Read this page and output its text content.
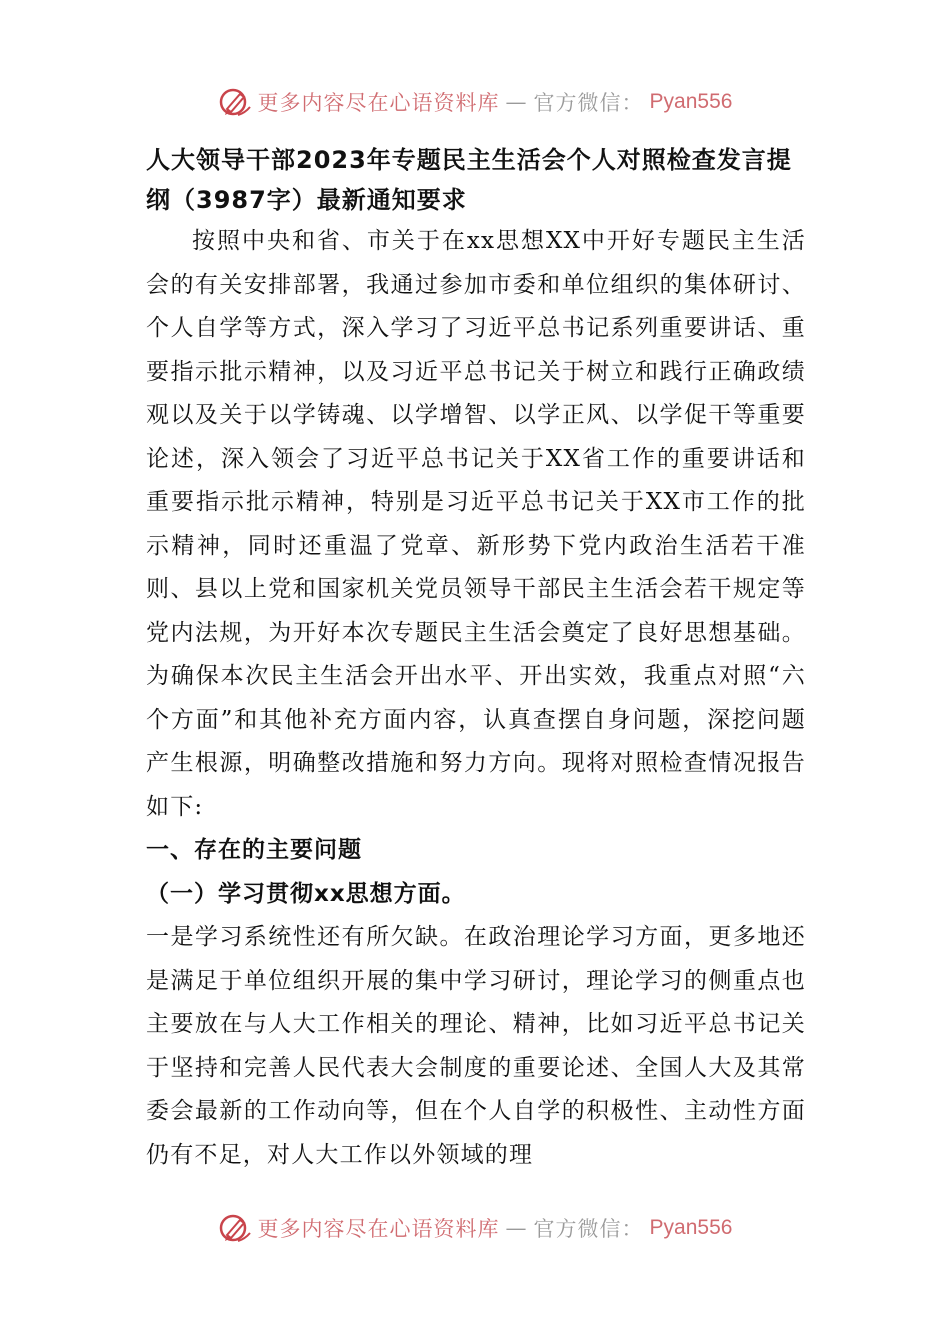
更多内容尽在心语资料库 — 官方微信： Pyan556

人大领导干部2023年专题民主生活会个人对照检查发言提纲（3987字）最新通知要求

按照中央和省、市关于在xx思想XX中开好专题民主生活会的有关安排部署，我通过参加市委和单位组织的集体研讨、个人自学等方式，深入学习了习近平总书记系列重要讲话、重要指示批示精神，以及习近平总书记关于树立和践行正确政绩观以及关于以学铸魂、以学增智、以学正风、以学促干等重要论述，深入领会了习近平总书记关于XX省工作的重要讲话和重要指示批示精神，特别是习近平总书记关于XX市工作的批示精神，同时还重温了党章、新形势下党内政治生活若干准则、县以上党和国家机关党员领导干部民主生活会若干规定等党内法规，为开好本次专题民主生活会奠定了良好思想基础。为确保本次民主生活会开出水平、开出实效，我重点对照“六个方面”和其他补充方面内容，认真查摆自身问题，深挖问题产生根源，明确整改措施和努力方向。现将对照检查情况报告如下:

一、存在的主要问题

（一）学习贯彻xx思想方面。

一是学习系统性还有所欠缺。在政治理论学习方面，更多地还是满足于单位组织开展的集中学习研讨，理论学习的侧重点也主要放在与人大工作相关的理论、精神，比如习近平总书记关于坚持和完善人民代表大会制度的重要论述、全国人大及其常委会最新的工作动向等，但在个人自学的积极性、主动性方面仍有不足，对人大工作以外领域的理

更多内容尽在心语资料库 — 官方微信： Pyan556
